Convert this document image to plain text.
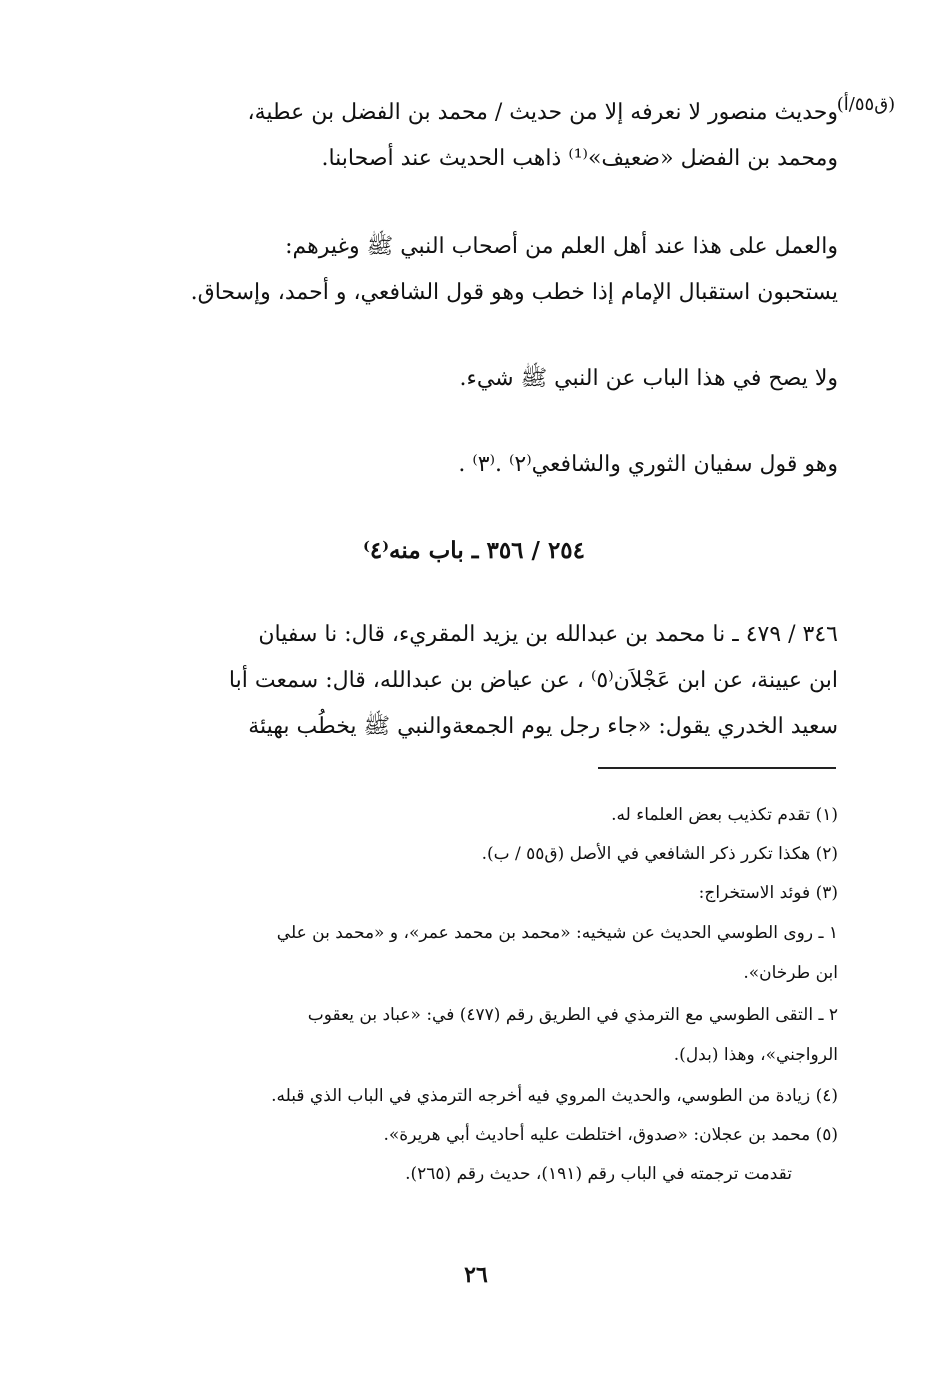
(ق٥٥/أ)
وحديث منصور لا نعرفه إلا من حديث / محمد بن الفضل بن عطية،
ومحمد بن الفضل «ضعيف»⁽¹⁾ ذاهب الحديث عند أصحابنا.
والعمل على هذا عند أهل العلم من أصحاب النبي ﷺ وغيرهم:
يستحبون استقبال الإمام إذا خطب وهو قول الشافعي، و أحمد، وإسحاق.
ولا يصح في هذا الباب عن النبي ﷺ شيء.
وهو قول سفيان الثوري والشافعي⁽٢⁾ .⁽٣⁾ .
٢٥٤ / ٣٥٦ ـ باب منه⁽٤⁾
٣٤٦ / ٤٧٩ ـ نا محمد بن عبدالله بن يزيد المقريء، قال: نا سفيان
ابن عيينة، عن ابن عَجْلاَن⁽٥⁾ ، عن عياض بن عبدالله، قال: سمعت أبا
سعيد الخدري يقول: «جاء رجل يوم الجمعةوالنبي ﷺ يخطُب بهيئة
(١) تقدم تكذيب بعض العلماء له.
(٢) هكذا تكرر ذكر الشافعي في الأصل (ق٥٥ / ب).
(٣) فوئد الاستخراج:
١ ـ روى الطوسي الحديث عن شيخيه: «محمد بن محمد عمر»، و «محمد بن علي
ابن طرخان».
٢ ـ التقى الطوسي مع الترمذي في الطريق رقم (٤٧٧) في: «عباد بن يعقوب
الرواجني»، وهذا (بدل).
(٤) زيادة من الطوسي، والحديث المروي فيه أخرجه الترمذي في الباب الذي قبله.
(٥) محمد بن عجلان: «صدوق، اختلطت عليه أحاديث أبي هريرة».
تقدمت ترجمته في الباب رقم (١٩١)، حديث رقم (٢٦٥).
٢٦
